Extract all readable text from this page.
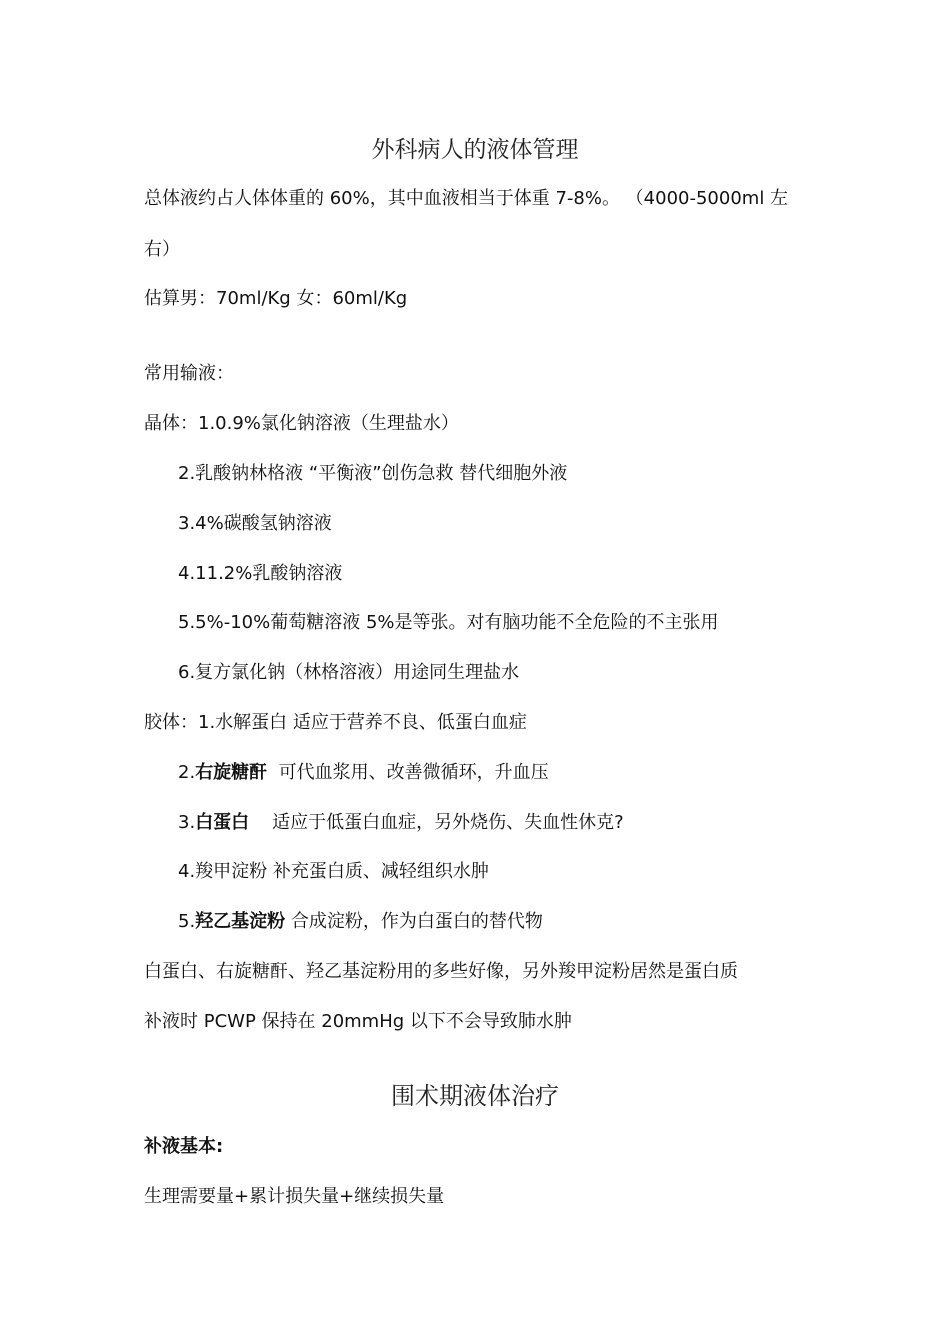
外科病人的液体管理
总体液约占人体体重的 60%，其中血液相当于体重 7-8%。 （4000-5000ml 左
右）
估算男：70ml/Kg 女：60ml/Kg
常用输液：
晶体：1.0.9%氯化钠溶液（生理盐水）
2.乳酸钠林格液 “平衡液”创伤急救 替代细胞外液
3.4%碳酸氢钠溶液
4.11.2%乳酸钠溶液
5.5%-10%葡萄糖溶液 5%是等张。对有脑功能不全危险的不主张用
6.复方氯化钠（林格溶液）用途同生理盐水
胶体：1.水解蛋白 适应于营养不良、低蛋白血症
2.右旋糖酐  可代血浆用、改善微循环，升血压
3.白蛋白    适应于低蛋白血症，另外烧伤、失血性休克?
4.羧甲淀粉 补充蛋白质、减轻组织水肿
5.羟乙基淀粉 合成淀粉，作为白蛋白的替代物
白蛋白、右旋糖酐、羟乙基淀粉用的多些好像，另外羧甲淀粉居然是蛋白质
补液时 PCWP 保持在 20mmHg 以下不会导致肺水肿
围术期液体治疗
补液基本:
生理需要量+累计损失量+继续损失量
